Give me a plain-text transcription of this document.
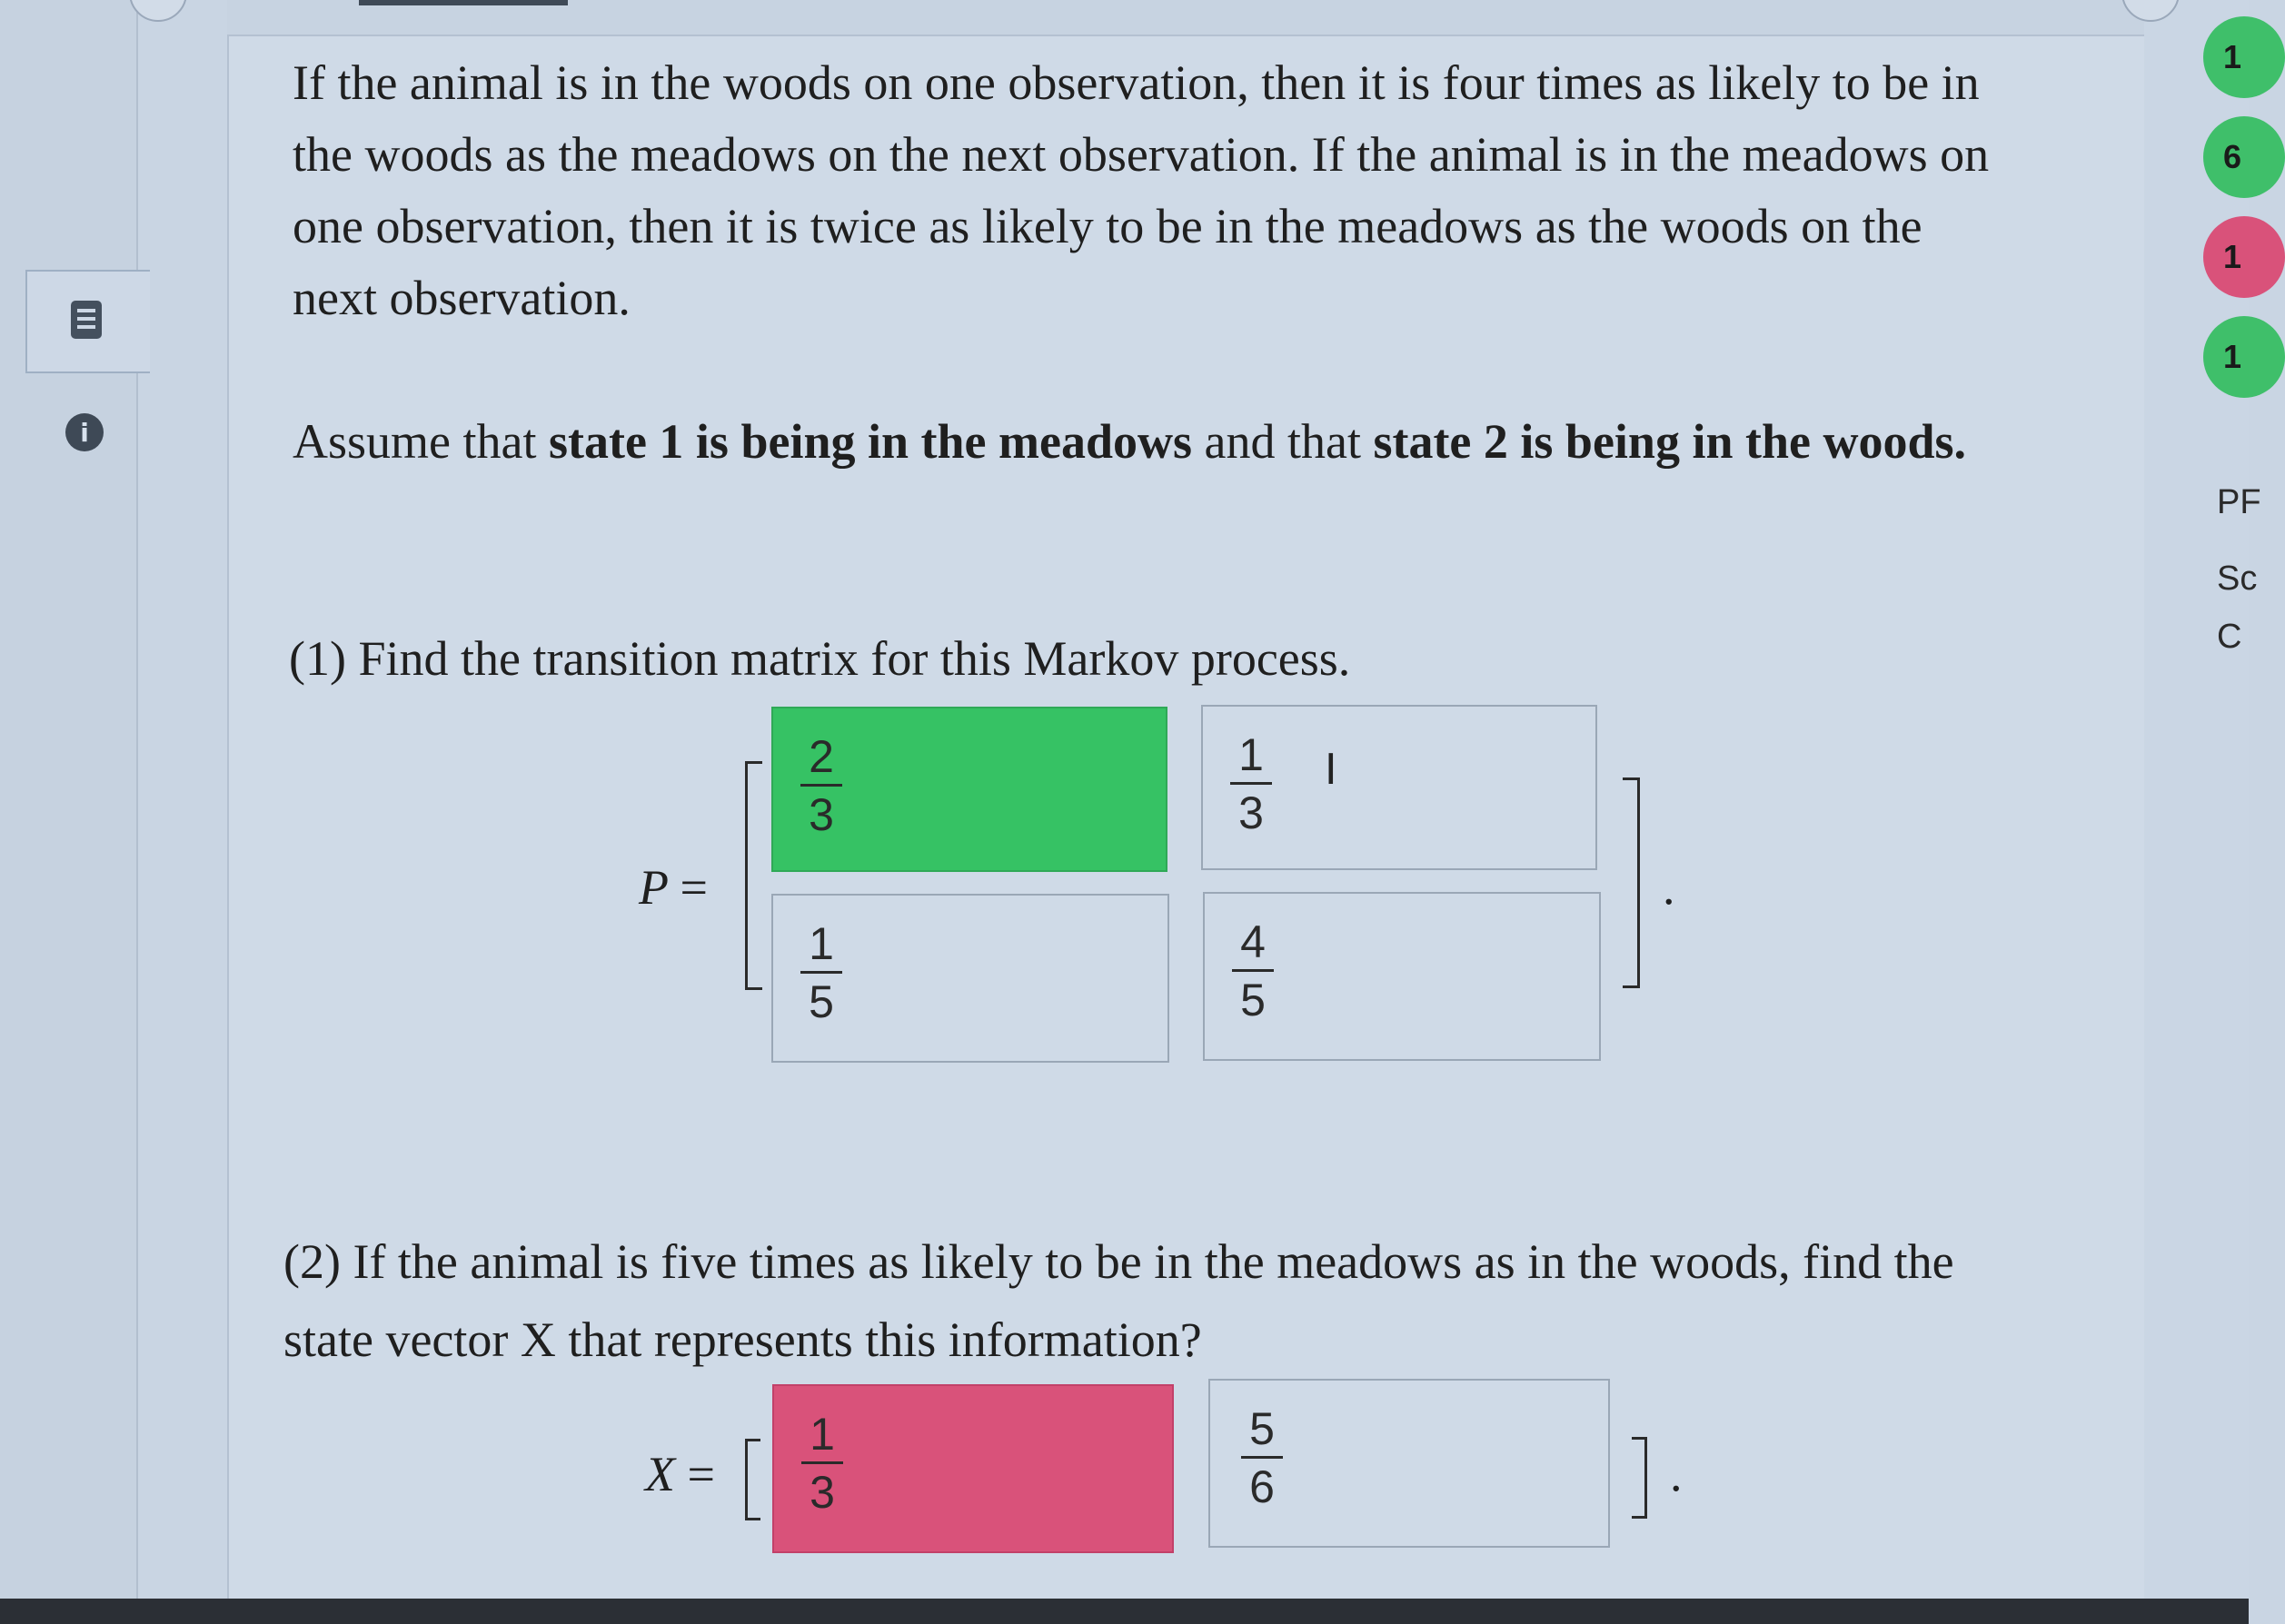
i

If the animal is in the woods on one observation, then it is four times as likely to be in the woods as the meadows on the next observation. If the animal is in the meadows on one observation, then it is twice as likely to be in the meadows as the woods on the next observation.

Assume that state 1 is being in the meadows and that state 2 is being in the woods.

(1) Find the transition matrix for this Markov process.

P =	.
2
3
1
3
1
5
4
5
Ⅰ

(2) If the animal is five times as likely to be in the meadows as in the woods, find the state vector X that represents this information?

X =	.
1
3
5
6
1
6
1
1
PF
Sc
C
